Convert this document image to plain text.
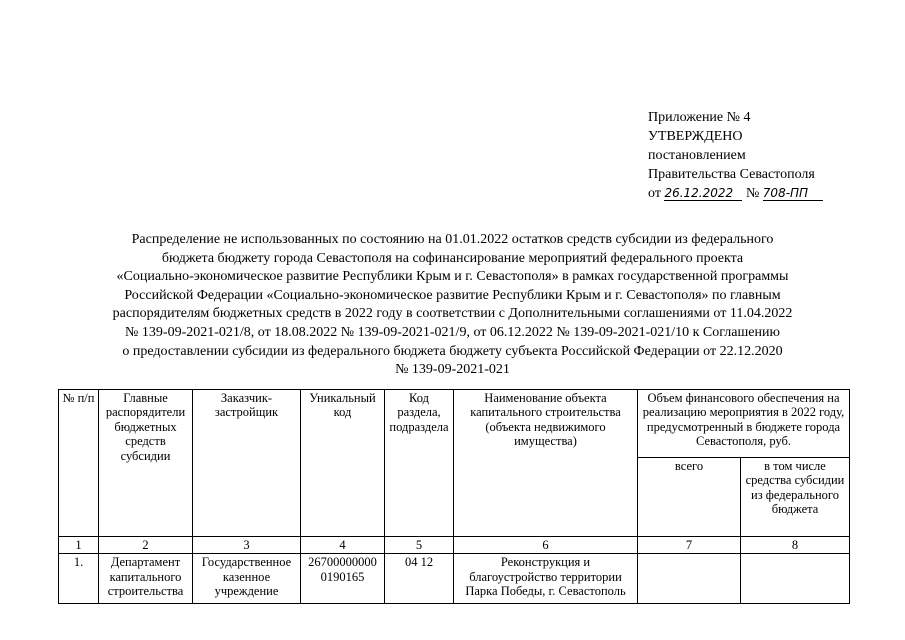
Приложение № 4
УТВЕРЖДЕНО
постановлением
Правительства Севастополя
от 26.12.2022 № 708-ПП
Распределение не использованных по состоянию на 01.01.2022 остатков средств субсидии из федерального
бюджета бюджету города Севастополя на софинансирование мероприятий федерального проекта
«Социально-экономическое развитие Республики Крым и г. Севастополя» в рамках государственной программы
Российской Федерации «Социально-экономическое развитие Республики Крым и г. Севастополя» по главным
распорядителям бюджетных средств в 2022 году в соответствии с Дополнительными соглашениями от 11.04.2022
№ 139-09-2021-021/8, от 18.08.2022 № 139-09-2021-021/9, от 06.12.2022 № 139-09-2021-021/10 к Соглашению
о предоставлении субсидии из федерального бюджета бюджету субъекта Российской Федерации от 22.12.2020
№ 139-09-2021-021
№ п/п	Главные распорядители бюджетных средств субсидии	Заказчик-застройщик	Уникальный код	Код раздела, подраздела	Наименование объекта капитального строительства (объекта недвижимого имущества)	Объем финансового обеспечения на реализацию мероприятия в 2022 году, предусмотренный в бюджете города Севастополя, руб.	
						всего	в том числе средства субсидии из федерального бюджета
1	2	3	4	5	6	7	8
1.	Департамент капитального строительства	Государственное казенное учреждение	26700000000 0190165	04 12	Реконструкция и благоустройство территории Парка Победы, г. Севастополь		
